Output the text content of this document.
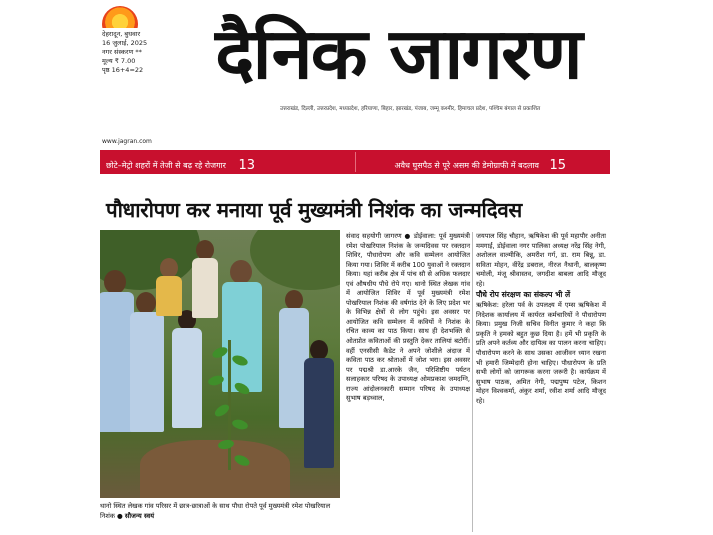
देहरादून, बुधवार
16 जुलाई, 2025
नगर संस्करण **
मूल्य ₹ 7.00
पृष्ठ 16+4=22 दैनिक जागरण
उत्तराखंड, दिल्ली, उत्तरप्रदेश, मध्यप्रदेश, हरियाणा, बिहार, झारखंड, पंजाब, जम्मू कश्मीर, हिमाचल प्रदेश, पश्चिम बंगाल से प्रकाशित
www.jagran.com
छोटे–मेट्रो शहरों में तेजी से बढ़ रहे रोजगार 13	अवैध घुसपैठ से पूरे असम की डेमोग्राफी में बदलाव 15
पौधारोपण कर मनाया पूर्व मुख्यमंत्री निशंक का जन्मदिवस
थानो स्थित लेखक गांव परिसर में छात्र-छात्राओं के साथ पौधा रोपते पूर्व मुख्यमंत्री रमेश पोखरियाल निशंक ● सौजन्य स्वयं

संवाद सहयोगी जागरण ● डोईवाला: पूर्व मुख्यमंत्री रमेश पोखरियाल निशंक के जन्मदिवस पर रक्तदान शिविर, पौधारोपण और कवि सम्मेलन आयोजित किया गया। शिविर में करीब 100 युवाओं ने रक्तदान किया। यहां करीब क्षेत्र में पांच सौ से अधिक फलदार एवं औषधीय पौधे रोपे गए। थानो स्थित लेखक गांव में आयोजित शिविर में पूर्व मुख्यमंत्री रमेश पोखरियाल निशंक की वर्षगांठ देने के लिए प्रदेश भर के विभिन्न क्षेत्रों से लोग पहुंचे। इस अवसर पर आयोजित कवि सम्मेलन में कवियों ने निशंक के रचित काव्य का पाठ किया। साथ ही देशभक्ति से ओतप्रोत कविताओं की प्रस्तुति देकर तालियां बटोरीं। वहीं एनसीसी कैडेट ने अपने जोशीले अंदाज में कविता पाठ कर श्रोताओं में जोश भरा। इस अवसर पर पद्मश्री डा.आरके जैन, परिशिष्टीय पर्यटन सलाहकार परिषद के उपाध्यक्ष ओमप्रकाश जमदग्नि, राज्य आंदोलनकारी सम्मान परिषद के उपाध्यक्ष सुभाष बड़थ्वाल,

जयपाल सिंह चौहान, ऋषिकेश की पूर्व महापौर अनीता ममगाईं, डोईवाला नगर पालिका अध्यक्ष नरेंद्र सिंह नेगी, अशोलल वाल्मीकि, अमरीश गर्ग, डा. राम बिन्नू, डा. सविता मोहन, वीरेंद्र डबराल, नीरज नैथानी, बालकृष्ण चमोली, मंजू श्रीवास्तव, जगदीश बाबला आदि मौजूद रहे।

पौधे रोप संरक्षण का संकल्प भी लें

ऋषिकेश: हरेला पर्व के उपलक्ष्य में एम्स ऋषिकेश में निदेशक कार्यालय में कार्यरत कर्मचारियों ने पौधारोपण किया। प्रमुख निजी सचिव विनीत कुमार ने कहा कि प्रकृति ने हमको बहुत कुछ दिया है। हमें भी प्रकृति के प्रति अपने कर्तव्य और दायित्व का पालन करना चाहिए। पौधारोपण करने के साथ उसका आजीवन ध्यान रखना भी हमारी जिम्मेदारी होना चाहिए। पौधारोपण के प्रति सभी लोगों को जागरूक करना जरूरी है। कार्यक्रम में सुभाष पाठक, अमित नेगी, पद्मपुष्प पटेल, किशन मोहन विश्वकर्मा, अंकुर शर्मा, रवीश शर्मा आदि मौजूद रहे।
